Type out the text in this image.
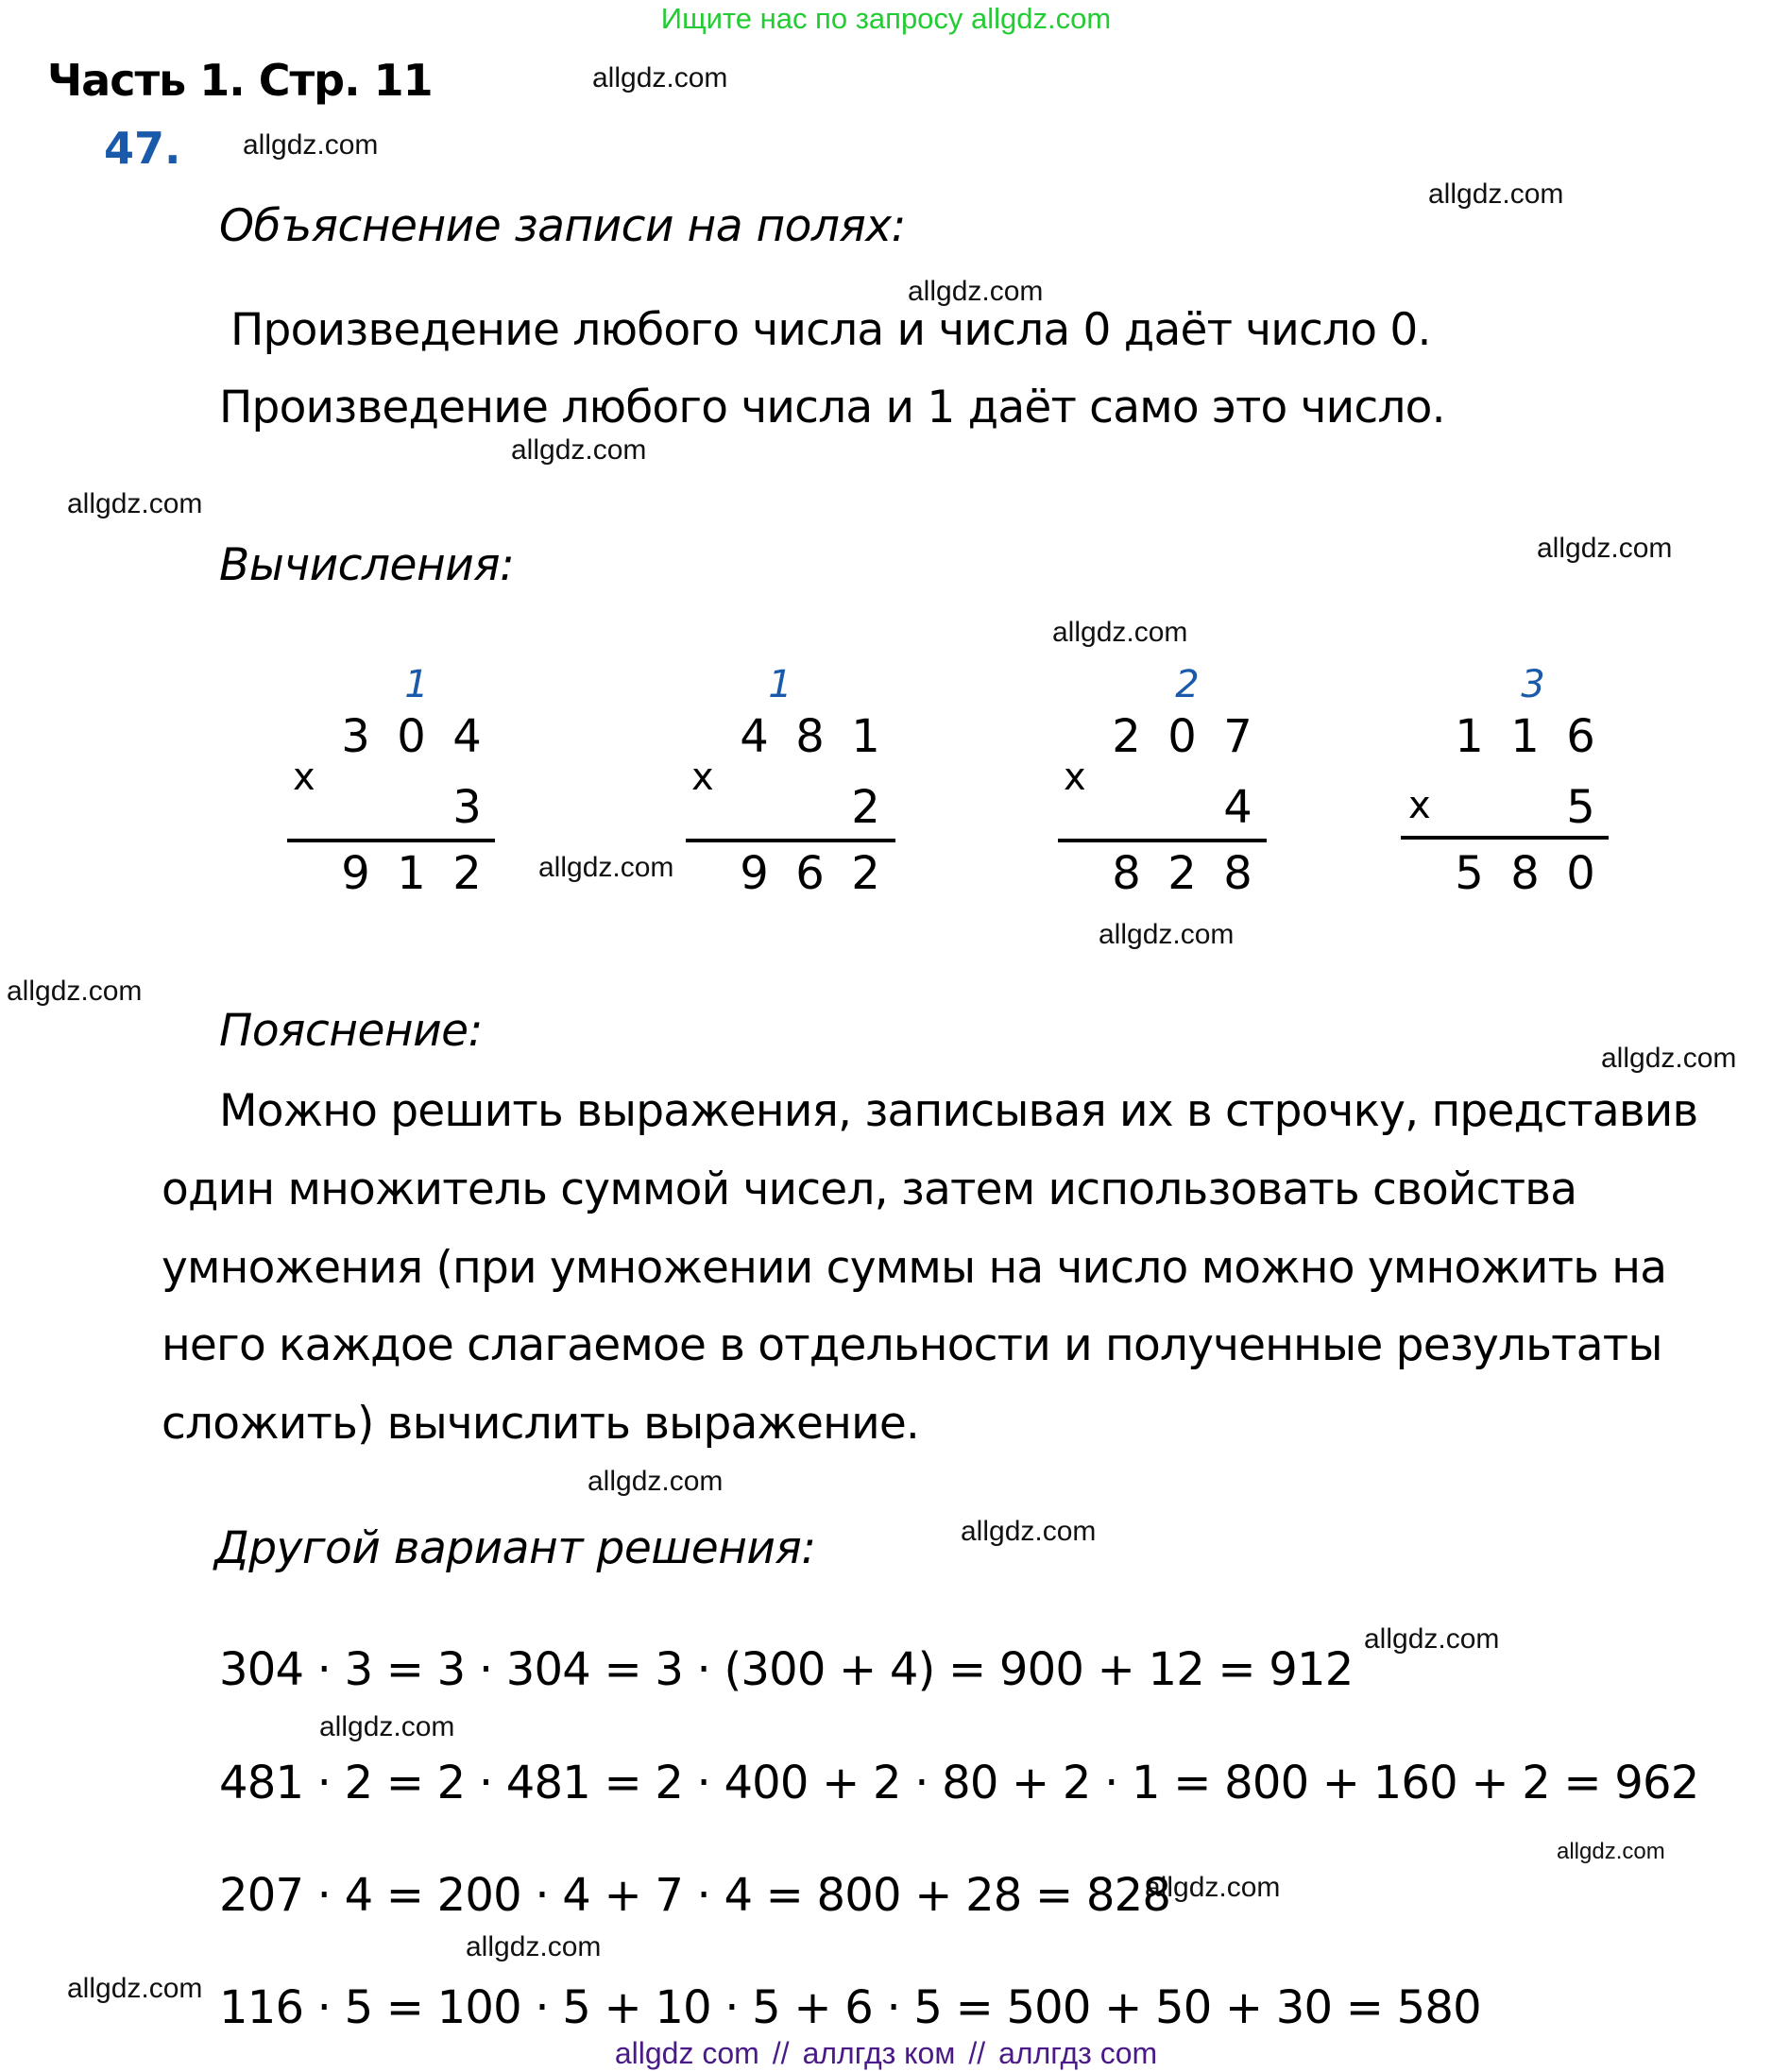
Ищите нас по запросу allgdz.com
Часть 1. Стр. 11
47.
allgdz.com
allgdz.com
allgdz.com
allgdz.com
allgdz.com
allgdz.com
allgdz.com
allgdz.com
allgdz.com
allgdz.com
allgdz.com
allgdz.com
allgdz.com
allgdz.com
allgdz.com
allgdz.com
allgdz.com
allgdz.com
allgdz.com
allgdz.com
Объяснение записи на полях:
Произведение любого числа и числа 0 даёт число 0.
Произведение любого числа и 1 даёт само это число.
Вычисления:
1
3 0 4
x
3
9 1 2
1
4 8 1
x
2
9 6 2
2
2 0 7
x
4
8 2 8
3
1 1 6
x	5
5 8 0
Пояснение:
Можно решить выражения, записывая их в строчку, представив
один множитель суммой чисел, затем использовать свойства
умножения (при умножении суммы на число можно умножить на
него каждое слагаемое в отдельности и полученные результаты
сложить) вычислить выражение.
Другой вариант решения:
304 · 3 = 3 · 304 = 3 · (300 + 4) = 900 + 12 = 912
481 · 2 = 2 · 481 = 2 · 400 + 2 · 80 + 2 · 1 = 800 + 160 + 2 = 962
207 · 4 = 200 · 4 + 7 · 4 = 800 + 28 = 828
116 · 5 = 100 · 5 + 10 · 5 + 6 · 5 = 500 + 50 + 30 = 580
allgdz com // аллгдз ком // аллгдз com
